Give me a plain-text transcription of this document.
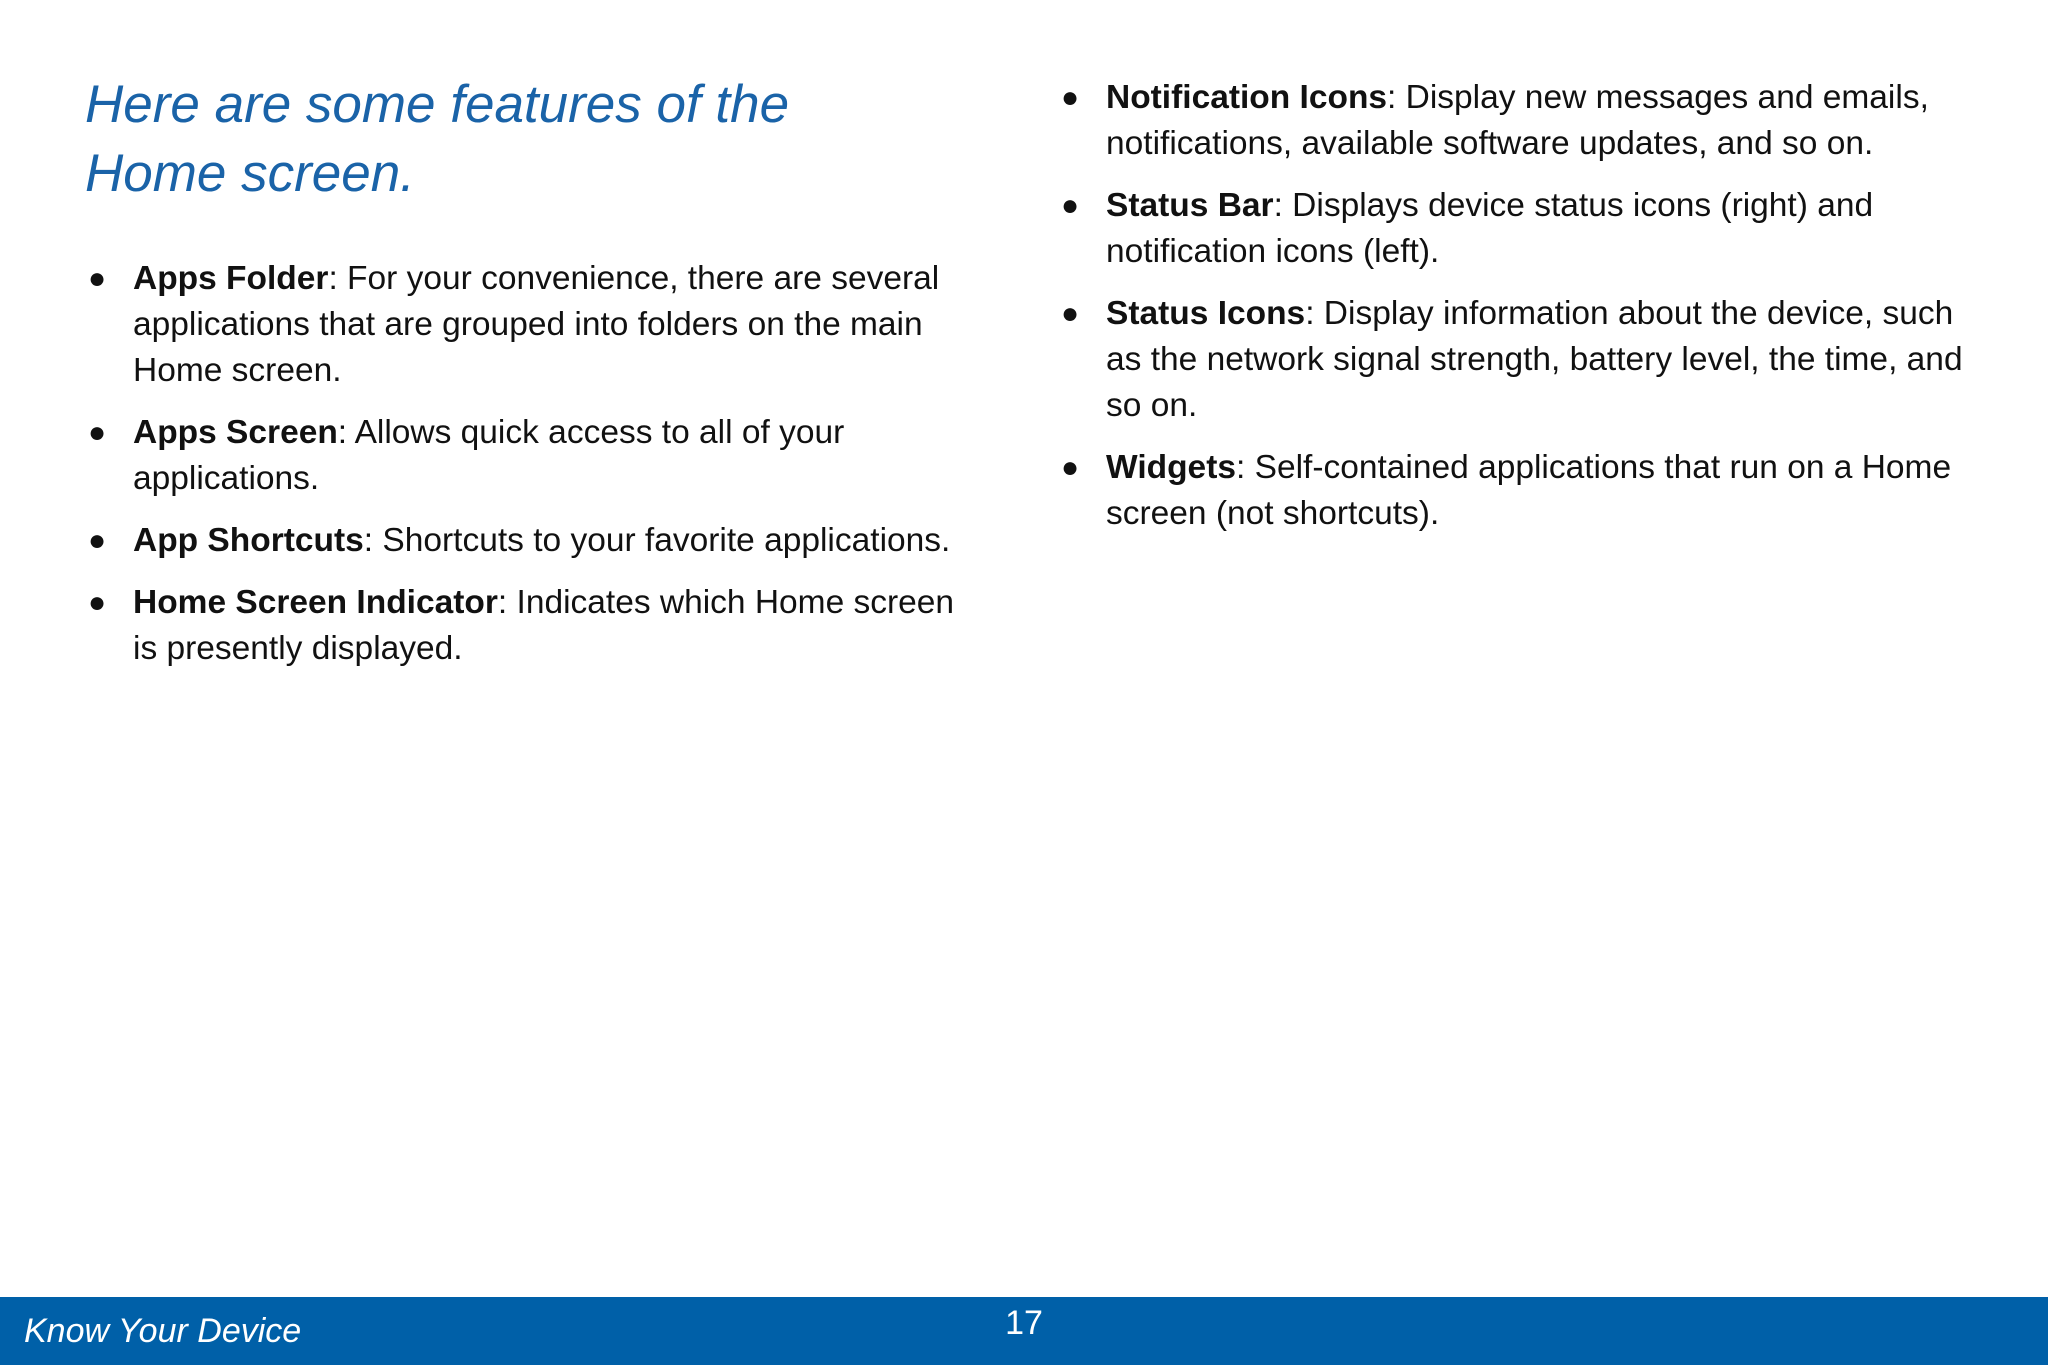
Here are some features of the
Home screen.
● Apps Folder: For your convenience, there are several applications that are grouped into folders on the main Home screen.
● Apps Screen: Allows quick access to all of your applications.
● App Shortcuts: Shortcuts to your favorite applications.
● Home Screen Indicator: Indicates which Home screen is presently displayed.
● Notification Icons: Display new messages and emails, notifications, available software updates, and so on.
● Status Bar: Displays device status icons (right) and notification icons (left).
● Status Icons: Display information about the device, such as the network signal strength, battery level, the time, and so on.
● Widgets: Self-contained applications that run on a Home screen (not shortcuts).
Know Your Device	17
